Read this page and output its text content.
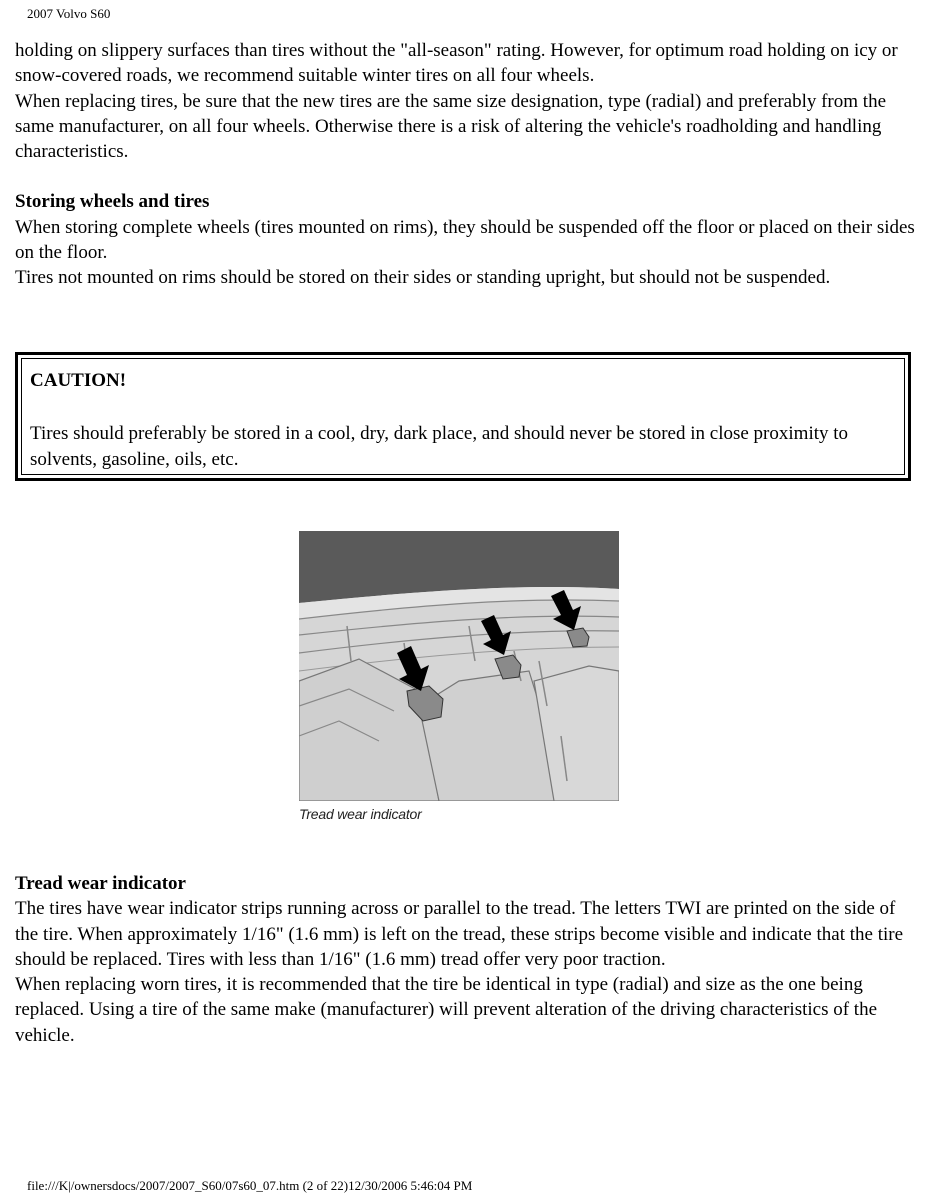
2007 Volvo S60

holding on slippery surfaces than tires without the "all-season" rating. However, for optimum road holding on icy or snow-covered roads, we recommend suitable winter tires on all four wheels.

When replacing tires, be sure that the new tires are the same size designation, type (radial) and preferably from the same manufacturer, on all four wheels. Otherwise there is a risk of altering the vehicle's roadholding and handling characteristics.

Storing wheels and tires

When storing complete wheels (tires mounted on rims), they should be suspended off the floor or placed on their sides on the floor.

Tires not mounted on rims should be stored on their sides or standing upright, but should not be suspended.

CAUTION!

Tires should preferably be stored in a cool, dry, dark place, and should never be stored in close proximity to solvents, gasoline, oils, etc.

Tread wear indicator

Tread wear indicator

The tires have wear indicator strips running across or parallel to the tread. The letters TWI are printed on the side of the tire. When approximately 1/16" (1.6 mm) is left on the tread, these strips become visible and indicate that the tire should be replaced. Tires with less than 1/16" (1.6 mm) tread offer very poor traction.

When replacing worn tires, it is recommended that the tire be identical in type (radial) and size as the one being replaced. Using a tire of the same make (manufacturer) will prevent alteration of the driving characteristics of the vehicle.

file:///K|/ownersdocs/2007/2007_S60/07s60_07.htm (2 of 22)12/30/2006 5:46:04 PM
